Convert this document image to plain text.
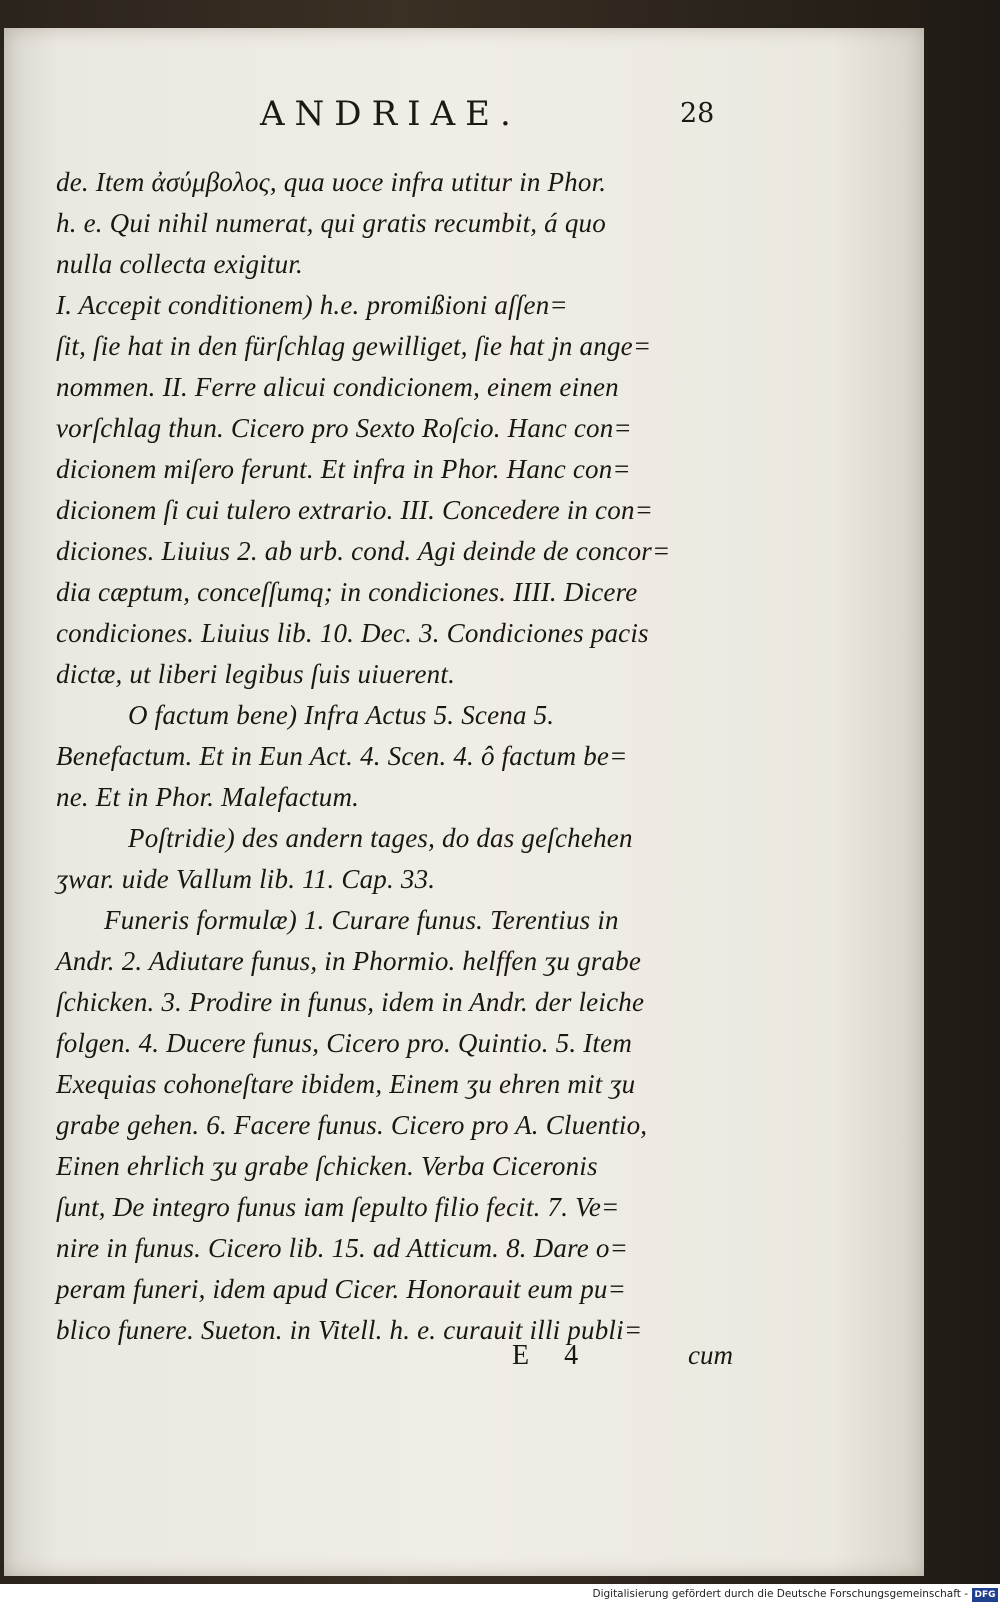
ANDRIAE.	28
de. Item ἀσύμβολος, qua uoce infra utitur in Phor.
h. e. Qui nihil numerat, qui gratis recumbit, á quo
nulla collecta exigitur.
I. Accepit conditionem) h.e. promißioni aſſen=
ſit, ſie hat in den fürſchlag gewilliget, ſie hat jn ange=
nommen. II. Ferre alicui condicionem, einem einen
vorſchlag thun. Cicero pro Sexto Roſcio. Hanc con=
dicionem miſero ferunt. Et infra in Phor. Hanc con=
dicionem ſi cui tulero extrario. III. Concedere in con=
diciones. Liuius 2. ab urb. cond. Agi deinde de concor=
dia cæptum, conceſſumq; in condiciones. IIII. Dicere
condiciones. Liuius lib. 10. Dec. 3. Condiciones pacis
dictæ, ut liberi legibus ſuis uiuerent.
O factum bene) Infra Actus 5. Scena 5.
Benefactum. Et in Eun Act. 4. Scen. 4. ô factum be=
ne. Et in Phor. Malefactum.
Poſtridie) des andern tages, do das geſchehen
ʒwar. uide Vallum lib. 11. Cap. 33.
Funeris formulæ) 1. Curare funus. Terentius in
Andr. 2. Adiutare funus, in Phormio. helffen ʒu grabe
ſchicken. 3. Prodire in funus, idem in Andr. der leiche
folgen. 4. Ducere funus, Cicero pro. Quintio. 5. Item
Exequias cohoneſtare ibidem, Einem ʒu ehren mit ʒu
grabe gehen. 6. Facere funus. Cicero pro A. Cluentio,
Einen ehrlich ʒu grabe ſchicken. Verba Ciceronis
ſunt, De integro funus iam ſepulto filio fecit. 7. Ve=
nire in funus. Cicero lib. 15. ad Atticum. 8. Dare o=
peram funeri, idem apud Cicer. Honorauit eum pu=
blico funere. Sueton. in Vitell. h. e. curauit illi publi=
E 4	cum
Digitalisierung gefördert durch die Deutsche Forschungsgemeinschaft - DFG
